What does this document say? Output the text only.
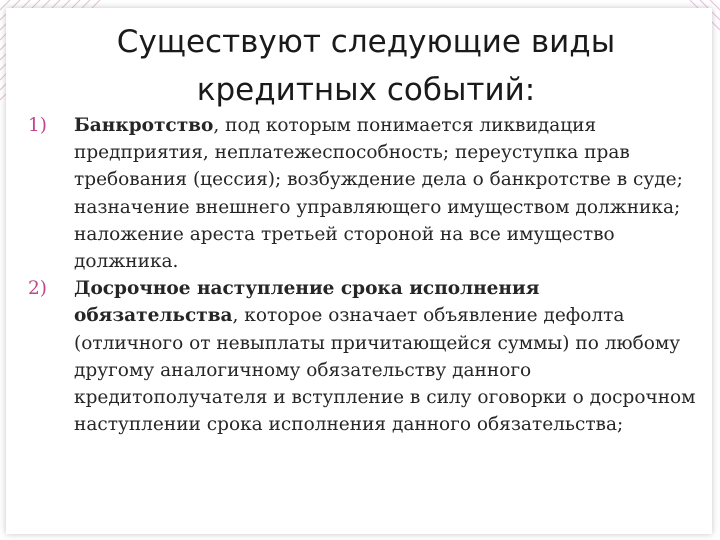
Существуют следующие виды
кредитных событий:
1) Банкротство, под которым понимается ликвидация предприятия, неплатежеспособность; переуступка прав требования (цессия); возбуждение дела о банкротстве в суде; назначение внешнего управляющего имуществом должника; наложение ареста третьей стороной на все имущество должника.
2) Досрочное наступление срока исполнения обязательства, которое означает объявление дефолта (отличного от невыплаты причитающейся суммы) по любому другому аналогичному обязательству данного кредитополучателя и вступление в силу оговорки о досрочном наступлении срока исполнения данного обязательства;
